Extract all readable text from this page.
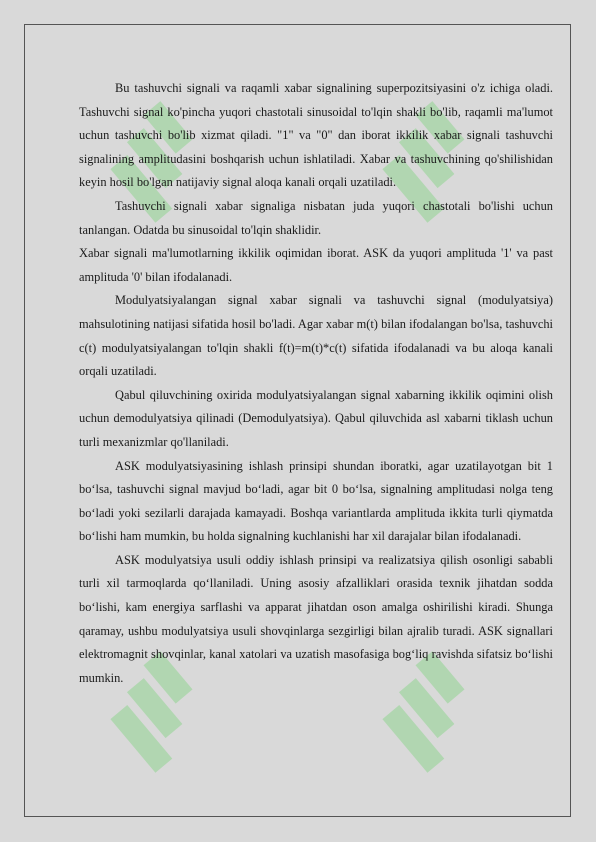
Bu tashuvchi signali va raqamli xabar signalining superpozitsiyasini o'z ichiga oladi. Tashuvchi signal ko'pincha yuqori chastotali sinusoidal to'lqin shakli bo'lib, raqamli ma'lumot uchun tashuvchi bo'lib xizmat qiladi. "1" va "0" dan iborat ikkilik xabar signali tashuvchi signalining amplitudasini boshqarish uchun ishlatiladi. Xabar va tashuvchining qo'shilishidan keyin hosil bo'lgan natijaviy signal aloqa kanali orqali uzatiladi.

Tashuvchi signali xabar signaliga nisbatan juda yuqori chastotali bo'lishi uchun tanlangan. Odatda bu sinusoidal to'lqin shaklidir.

Xabar signali ma'lumotlarning ikkilik oqimidan iborat. ASK da yuqori amplituda '1' va past amplituda '0' bilan ifodalanadi.

Modulyatsiyalangan signal xabar signali va tashuvchi signal (modulyatsiya) mahsulotining natijasi sifatida hosil bo'ladi. Agar xabar m(t) bilan ifodalangan bo'lsa, tashuvchi c(t) modulyatsiyalangan to'lqin shakli f(t)=m(t)*c(t) sifatida ifodalanadi va bu aloqa kanali orqali uzatiladi.

Qabul qiluvchining oxirida modulyatsiyalangan signal xabarning ikkilik oqimini olish uchun demodulyatsiya qilinadi (Demodulyatsiya). Qabul qiluvchida asl xabarni tiklash uchun turli mexanizmlar qo'llaniladi.

ASK modulyatsiyasining ishlash prinsipi shundan iboratki, agar uzatilayotgan bit 1 bo‘lsa, tashuvchi signal mavjud bo‘ladi, agar bit 0 bo‘lsa, signalning amplitudasi nolga teng bo‘ladi yoki sezilarli darajada kamayadi. Boshqa variantlarda amplituda ikkita turli qiymatda bo‘lishi ham mumkin, bu holda signalning kuchlanishi har xil darajalar bilan ifodalanadi.

ASK modulyatsiya usuli oddiy ishlash prinsipi va realizatsiya qilish osonligi sababli turli xil tarmoqlarda qo‘llaniladi. Uning asosiy afzalliklari orasida texnik jihatdan sodda bo‘lishi, kam energiya sarflashi va apparat jihatdan oson amalga oshirilishi kiradi. Shunga qaramay, ushbu modulyatsiya usuli shovqinlarga sezgirligi bilan ajralib turadi. ASK signallari elektromagnit shovqinlar, kanal xatolari va uzatish masofasiga bog‘liq ravishda sifatsiz bo‘lishi mumkin.
